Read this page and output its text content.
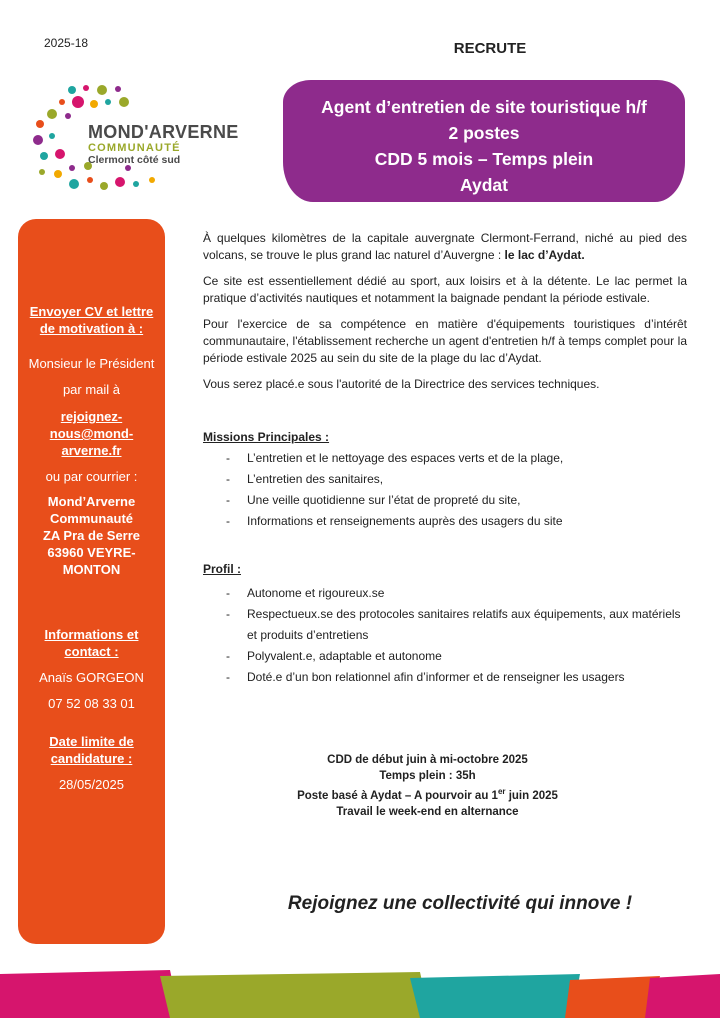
2025-18	RECRUTE
MOND'ARVERNE
COMMUNAUTÉ
Clermont côté sud
Agent d’entretien de site touristique h/f
2 postes
CDD 5 mois – Temps plein
Aydat

Envoyer CV et lettre de motivation à :

Monsieur le Président

par mail à

rejoignez-nous@mond-arverne.fr

ou par courrier :

Mond’Arverne Communauté
ZA Pra de Serre
63960 VEYRE-MONTON

Informations et contact :

Anaïs GORGEON

07 52 08 33 01

Date limite de candidature :

28/05/2025

À quelques kilomètres de la capitale auvergnate Clermont-Ferrand, niché au pied des volcans, se trouve le plus grand lac naturel d’Auvergne : le lac d’Aydat.

Ce site est essentiellement dédié au sport, aux loisirs et à la détente. Le lac permet la pratique d’activités nautiques et notamment la baignade pendant la période estivale.

Pour l'exercice de sa compétence en matière d'équipements touristiques d’intérêt communautaire, l'établissement recherche un agent d'entretien h/f à temps complet pour la période estivale 2025 au sein du site de la plage du lac d’Aydat.

Vous serez placé.e sous l'autorité de la Directrice des services techniques.

Missions Principales :
- L’entretien et le nettoyage des espaces verts et de la plage,
- L’entretien des sanitaires,
- Une veille quotidienne sur l’état de propreté du site,
- Informations et renseignements auprès des usagers du site
Profil :
- Autonome et rigoureux.se
- Respectueux.se des protocoles sanitaires relatifs aux équipements, aux matériels et produits d’entretiens
- Polyvalent.e, adaptable et autonome
- Doté.e d’un bon relationnel afin d’informer et de renseigner les usagers
CDD de début juin à mi-octobre 2025
Temps plein : 35h
Poste basé à Aydat – A pourvoir au 1er juin 2025
Travail le week-end en alternance
Rejoignez une collectivité qui innove !
